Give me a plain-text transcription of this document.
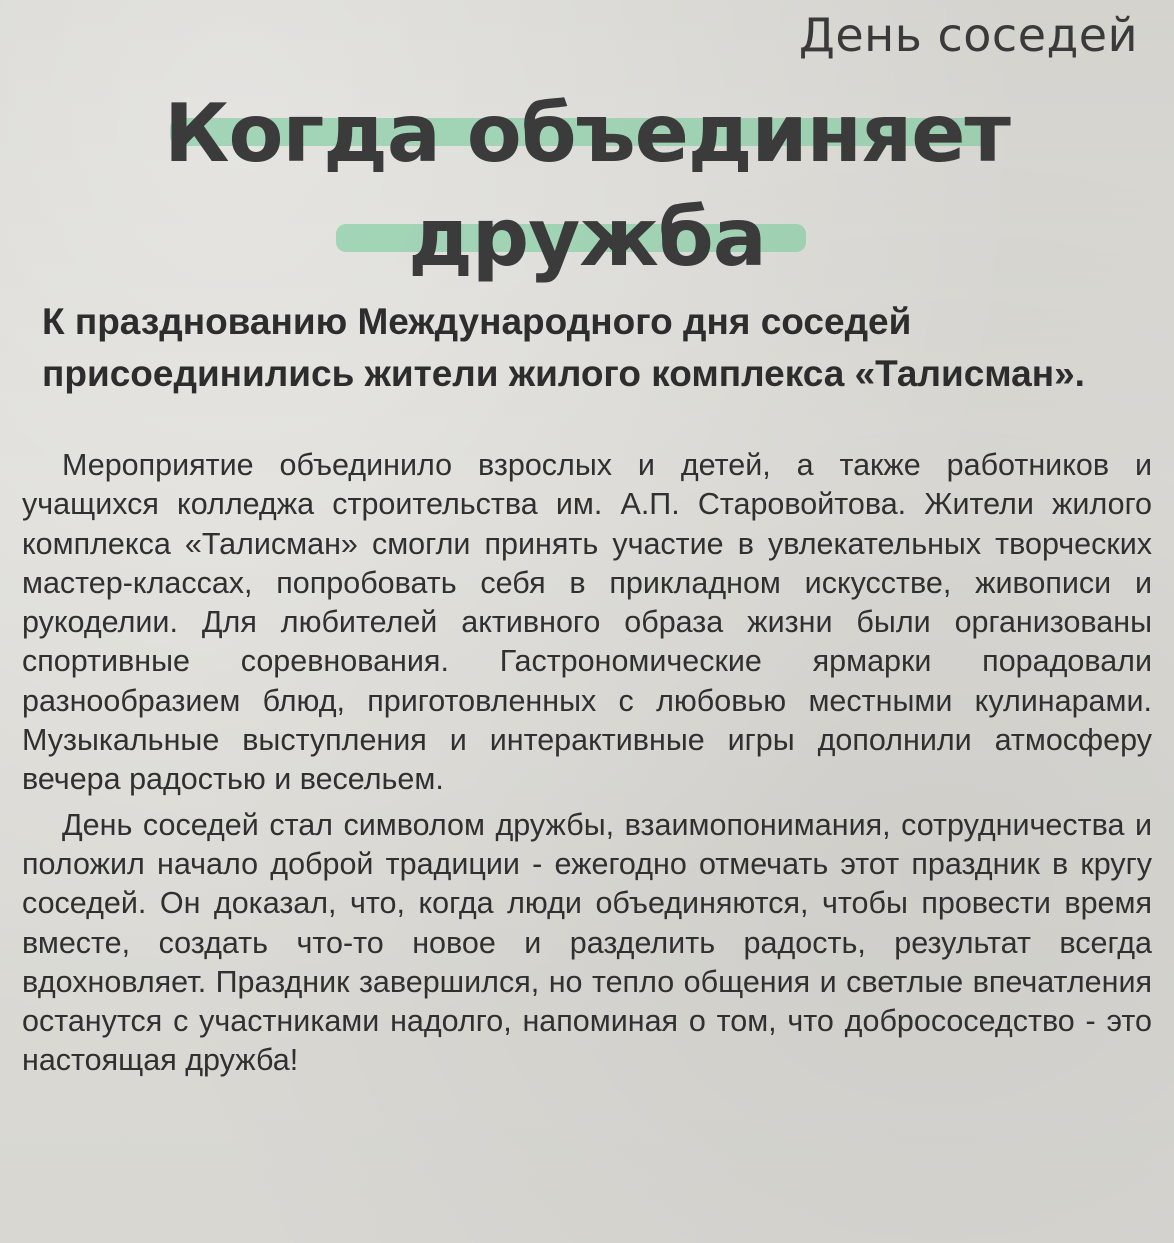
День соседей
Когда объединяет
дружба
К празднованию Международного дня соседей присоединились жители жилого комплекса «Талисман».

Мероприятие объединило взрослых и детей, а также работников и учащихся колледжа строительства им. А.П. Старовойтова. Жители жилого комплекса «Талисман» смогли принять участие в увлекательных творческих мастер-классах, попробовать себя в прикладном искусстве, живописи и рукоделии. Для любителей активного образа жизни были организованы спортивные соревнования. Гастрономические ярмарки порадовали разнообразием блюд, приготовленных с любовью местными кулинарами. Музыкальные выступления и интерактивные игры дополнили атмосферу вечера радостью и весельем.

День соседей стал символом дружбы, взаимопонимания, сотрудничества и положил начало доброй традиции - ежегодно отмечать этот праздник в кругу соседей. Он доказал, что, когда люди объединяются, чтобы провести время вместе, создать что-то новое и разделить радость, результат всегда вдохновляет. Праздник завершился, но тепло общения и светлые впечатления останутся с участниками надолго, напоминая о том, что добрососедство - это настоящая дружба!
